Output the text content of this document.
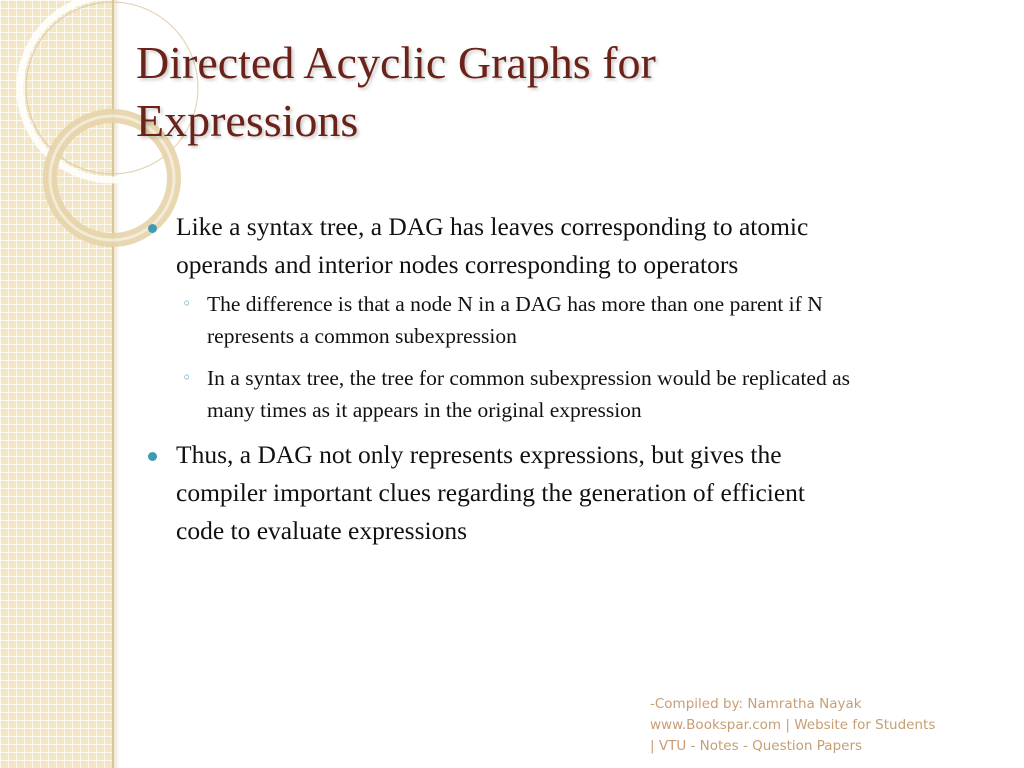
Directed Acyclic Graphs for
Expressions
Like a syntax tree, a DAG has leaves corresponding to atomic
operands and interior nodes corresponding to operators
◦ The difference is that a node N in a DAG has more than one parent if N
represents a common subexpression
◦ In a syntax tree, the tree for common subexpression would be replicated as
many times as it appears in the original expression
Thus, a DAG not only represents expressions, but gives the
compiler important clues regarding the generation of efficient
code to evaluate expressions
-Compiled by: Namratha Nayak
www.Bookspar.com | Website for Students
| VTU - Notes - Question Papers
